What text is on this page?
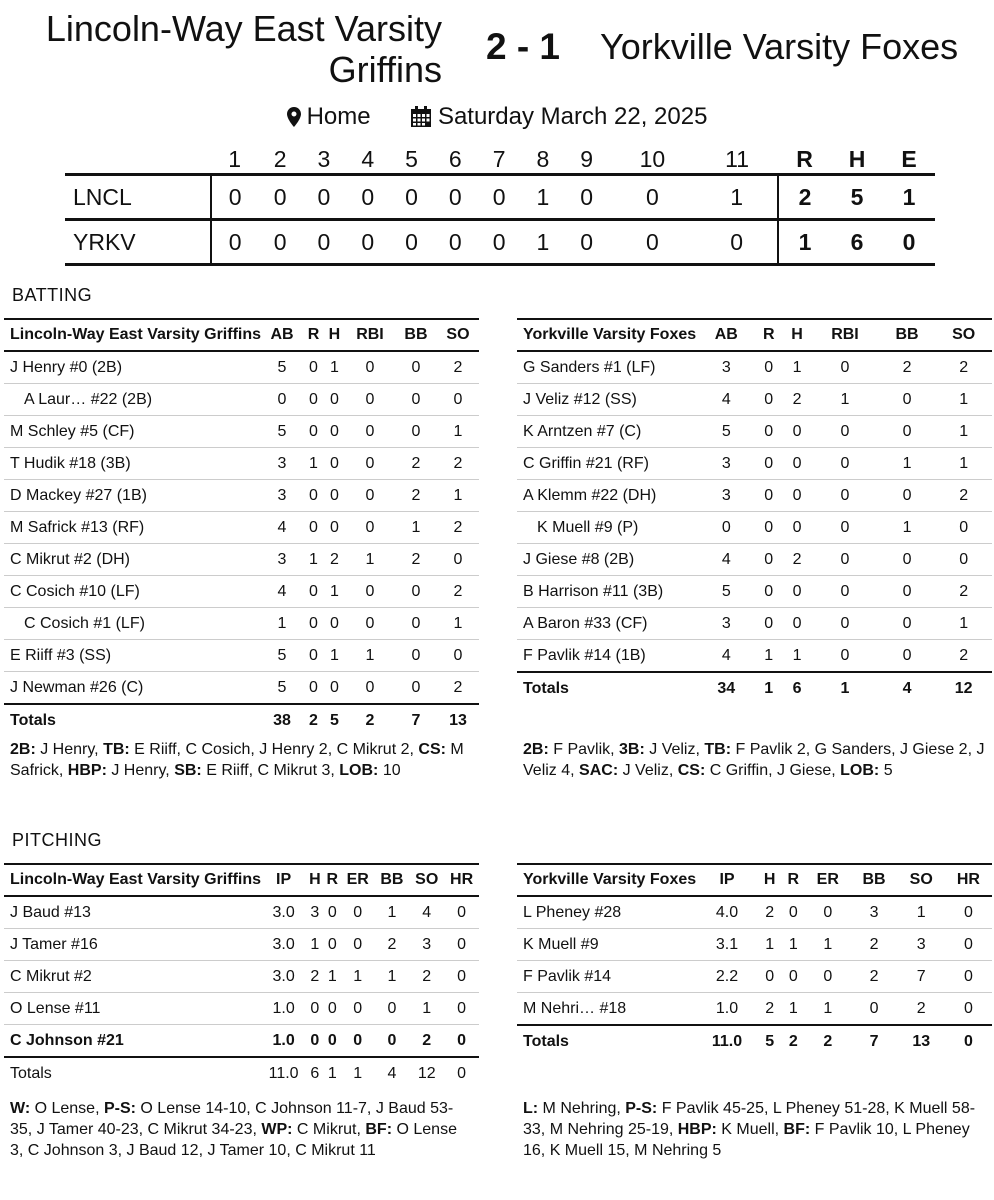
Lincoln-Way East Varsity Griffins
2 - 1	Yorkville Varsity Foxes
Home
	Saturday March 22, 2025
	1	2	3	4	5	6	7	8	9	10	11	R	H	E
LNCL	0	0	0	0	0	0	0	1	0	0	1	2	5	1
YRKV	0	0	0	0	0	0	0	1	0	0	0	1	6	0
BATTING
PITCHING
Lincoln-Way East Varsity Griffins	AB	R	H	RBI	BB	SO
J Henry #0 (2B)	5	0	1	0	0	2
A Laur… #22 (2B)	0	0	0	0	0	0
M Schley #5 (CF)	5	0	0	0	0	1
T Hudik #18 (3B)	3	1	0	0	2	2
D Mackey #27 (1B)	3	0	0	0	2	1
M Safrick #13 (RF)	4	0	0	0	1	2
C Mikrut #2 (DH)	3	1	2	1	2	0
C Cosich #10 (LF)	4	0	1	0	0	2
C Cosich #1 (LF)	1	0	0	0	0	1
E Riiff #3 (SS)	5	0	1	1	0	0
J Newman #26 (C)	5	0	0	0	0	2
Totals	38	2	5	2	7	13
2B: J Henry, TB: E Riiff, C Cosich, J Henry 2, C Mikrut 2, CS: M Safrick, HBP: J Henry, SB: E Riiff, C Mikrut 3, LOB: 10
Yorkville Varsity Foxes	AB	R	H	RBI	BB	SO
G Sanders #1 (LF)	3	0	1	0	2	2
J Veliz #12 (SS)	4	0	2	1	0	1
K Arntzen #7 (C)	5	0	0	0	0	1
C Griffin #21 (RF)	3	0	0	0	1	1
A Klemm #22 (DH)	3	0	0	0	0	2
K Muell #9 (P)	0	0	0	0	1	0
J Giese #8 (2B)	4	0	2	0	0	0
B Harrison #11 (3B)	5	0	0	0	0	2
A Baron #33 (CF)	3	0	0	0	0	1
F Pavlik #14 (1B)	4	1	1	0	0	2
Totals	34	1	6	1	4	12
2B: F Pavlik, 3B: J Veliz, TB: F Pavlik 2, G Sanders, J Giese 2, J Veliz 4, SAC: J Veliz, CS: C Griffin, J Giese, LOB: 5
Lincoln-Way East Varsity Griffins	IP	H	R	ER	BB	SO	HR
J Baud #13	3.0	3	0	0	1	4	0
J Tamer #16	3.0	1	0	0	2	3	0
C Mikrut #2	3.0	2	1	1	1	2	0
O Lense #11	1.0	0	0	0	0	1	0
C Johnson #21	1.0	0	0	0	0	2	0
Totals	11.0	6	1	1	4	12	0
W: O Lense, P-S: O Lense 14-10, C Johnson 11-7, J Baud 53-35, J Tamer 40-23, C Mikrut 34-23, WP: C Mikrut, BF: O Lense 3, C Johnson 3, J Baud 12, J Tamer 10, C Mikrut 11
Yorkville Varsity Foxes	IP	H	R	ER	BB	SO	HR
L Pheney #28	4.0	2	0	0	3	1	0
K Muell #9	3.1	1	1	1	2	3	0
F Pavlik #14	2.2	0	0	0	2	7	0
M Nehri… #18	1.0	2	1	1	0	2	0
Totals	11.0	5	2	2	7	13	0
L: M Nehring, P-S: F Pavlik 45-25, L Pheney 51-28, K Muell 58-33, M Nehring 25-19, HBP: K Muell, BF: F Pavlik 10, L Pheney 16, K Muell 15, M Nehring 5
